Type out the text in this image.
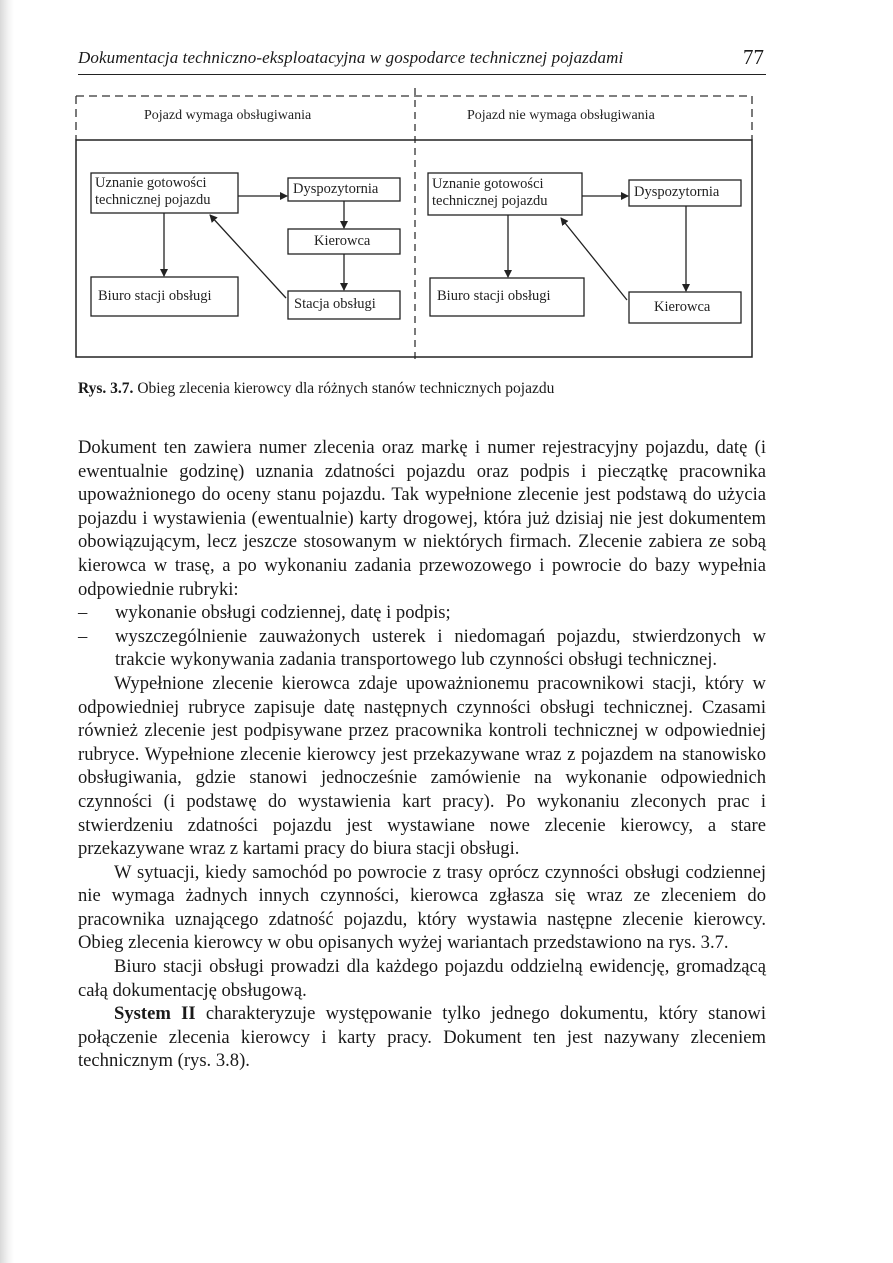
Dokumentacja techniczno-eksploatacyjna w gospodarce technicznej pojazdami	77
Pojazd wymaga obsługiwania	Pojazd nie wymaga obsługiwania
Uznanie gotowości
technicznej pojazdu
Dyspozytornia
Kierowca
Stacja obsługi
Biuro stacji obsługi
Uznanie gotowości
technicznej pojazdu
Dyspozytornia
Kierowca
Biuro stacji obsługi
Rys. 3.7. Obieg zlecenia kierowcy dla różnych stanów technicznych pojazdu

Dokument ten zawiera numer zlecenia oraz markę i numer rejestracyjny pojazdu, datę (i ewentualnie godzinę) uznania zdatności pojazdu oraz podpis i pieczątkę pracownika upoważnionego do oceny stanu pojazdu. Tak wypełnione zlecenie jest podstawą do użycia pojazdu i wystawienia (ewentualnie) karty drogowej, która już dzisiaj nie jest dokumentem obowiązującym, lecz jeszcze stosowanym w niektórych firmach. Zlecenie zabiera ze sobą kierowca w trasę, a po wykonaniu zadania przewozowego i powrocie do bazy wypełnia odpowiednie rubryki:

– wykonanie obsługi codziennej, datę i podpis;

– wyszczególnienie zauważonych usterek i niedomagań pojazdu, stwierdzonych w trakcie wykonywania zadania transportowego lub czynności obsługi technicznej.

Wypełnione zlecenie kierowca zdaje upoważnionemu pracownikowi stacji, który w odpowiedniej rubryce zapisuje datę następnych czynności obsługi technicznej. Czasami również zlecenie jest podpisywane przez pracownika kontroli technicznej w odpowiedniej rubryce. Wypełnione zlecenie kierowcy jest przekazywane wraz z pojazdem na stanowisko obsługiwania, gdzie stanowi jednocześnie zamówienie na wykonanie odpowiednich czynności (i podstawę do wystawienia kart pracy). Po wykonaniu zleconych prac i stwierdzeniu zdatności pojazdu jest wystawiane nowe zlecenie kierowcy, a stare przekazywane wraz z kartami pracy do biura stacji obsługi.

W sytuacji, kiedy samochód po powrocie z trasy oprócz czynności obsługi codziennej nie wymaga żadnych innych czynności, kierowca zgłasza się wraz ze zleceniem do pracownika uznającego zdatność pojazdu, który wystawia następne zlecenie kierowcy. Obieg zlecenia kierowcy w obu opisanych wyżej wariantach przedstawiono na rys. 3.7.

Biuro stacji obsługi prowadzi dla każdego pojazdu oddzielną ewidencję, gromadzącą całą dokumentację obsługową.

System II charakteryzuje występowanie tylko jednego dokumentu, który stanowi połączenie zlecenia kierowcy i karty pracy. Dokument ten jest nazywany zleceniem technicznym (rys. 3.8).
